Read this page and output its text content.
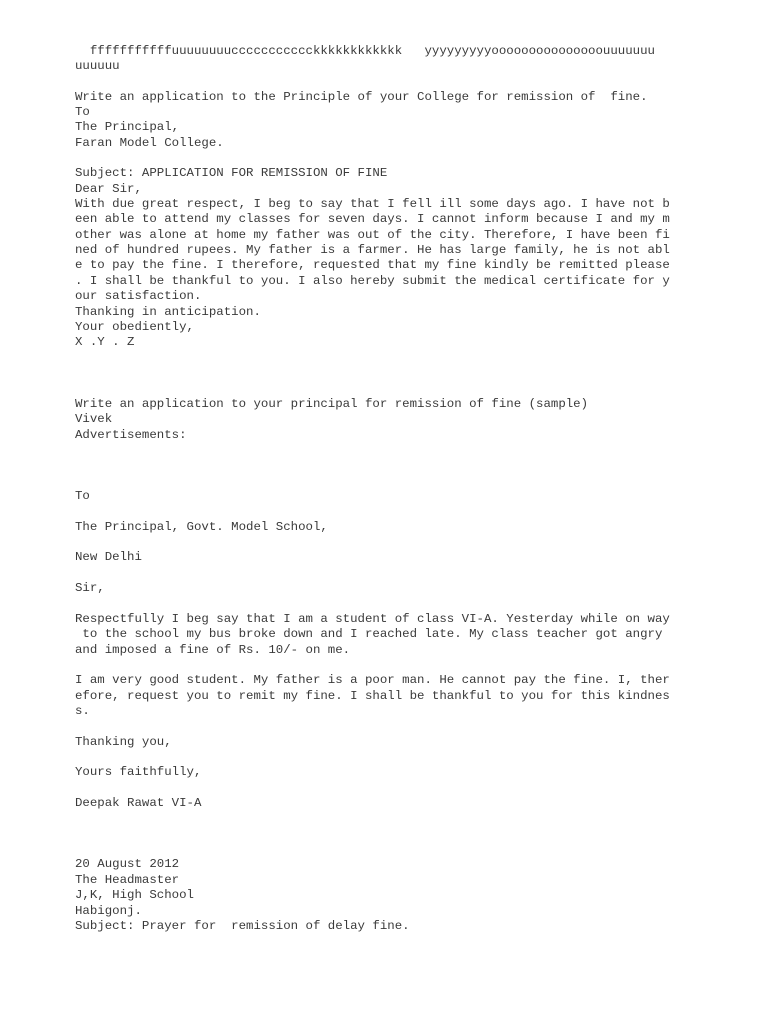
fffffffffffuuuuuuuuccccccccccckkkkkkkkkkkk   yyyyyyyyyooooooooooooooouuuuuuu
uuuuuu
Write an application to the Principle of your College for remission of  fine.
To
The Principal,
Faran Model College.
Subject: APPLICATION FOR REMISSION OF FINE
Dear Sir,
With due great respect, I beg to say that I fell ill some days ago. I have not b
een able to attend my classes for seven days. I cannot inform because I and my m
other was alone at home my father was out of the city. Therefore, I have been fi
ned of hundred rupees. My father is a farmer. He has large family, he is not abl
e to pay the fine. I therefore, requested that my fine kindly be remitted please
. I shall be thankful to you. I also hereby submit the medical certificate for y
our satisfaction.
Thanking in anticipation.
Your obediently,
X .Y . Z
Write an application to your principal for remission of fine (sample)
Vivek
Advertisements:
To
The Principal, Govt. Model School,
New Delhi
Sir,
Respectfully I beg say that I am a student of class VI-A. Yesterday while on way
to the school my bus broke down and I reached late. My class teacher got angry
and imposed a fine of Rs. 10/- on me.
I am very good student. My father is a poor man. He cannot pay the fine. I, ther
efore, request you to remit my fine. I shall be thankful to you for this kindnes
s.
Thanking you,
Yours faithfully,
Deepak Rawat VI-A
20 August 2012
The Headmaster
J,K, High School
Habigonj.
Subject: Prayer for  remission of delay fine.
